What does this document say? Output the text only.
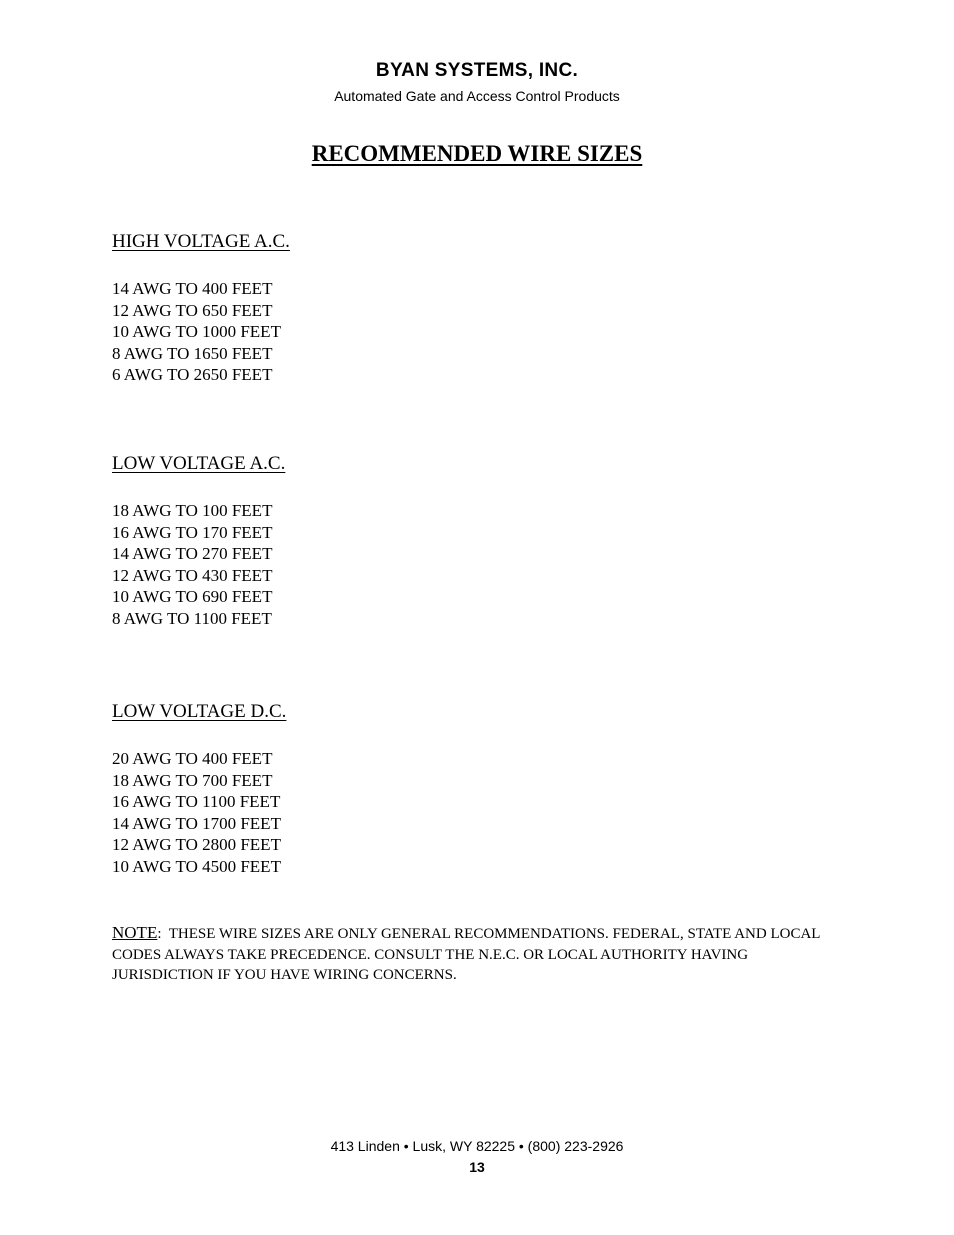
BYAN SYSTEMS, INC.
Automated Gate and Access Control Products
RECOMMENDED WIRE SIZES
HIGH VOLTAGE A.C.
14 AWG TO 400 FEET
12 AWG TO 650 FEET
10 AWG TO 1000 FEET
8 AWG TO 1650 FEET
6 AWG TO 2650 FEET
LOW VOLTAGE A.C.
18 AWG TO 100 FEET
16 AWG TO 170 FEET
14 AWG TO 270 FEET
12 AWG TO 430 FEET
10 AWG TO 690 FEET
8 AWG TO 1100 FEET
LOW VOLTAGE D.C.
20 AWG TO 400 FEET
18 AWG TO 700 FEET
16 AWG TO 1100 FEET
14 AWG TO 1700 FEET
12 AWG TO 2800 FEET
10 AWG TO 4500 FEET
NOTE:  THESE WIRE SIZES ARE ONLY GENERAL RECOMMENDATIONS. FEDERAL, STATE AND LOCAL CODES ALWAYS TAKE PRECEDENCE. CONSULT THE N.E.C. OR LOCAL AUTHORITY HAVING JURISDICTION IF YOU HAVE WIRING CONCERNS.
413 Linden • Lusk, WY 82225 • (800) 223-2926
13
